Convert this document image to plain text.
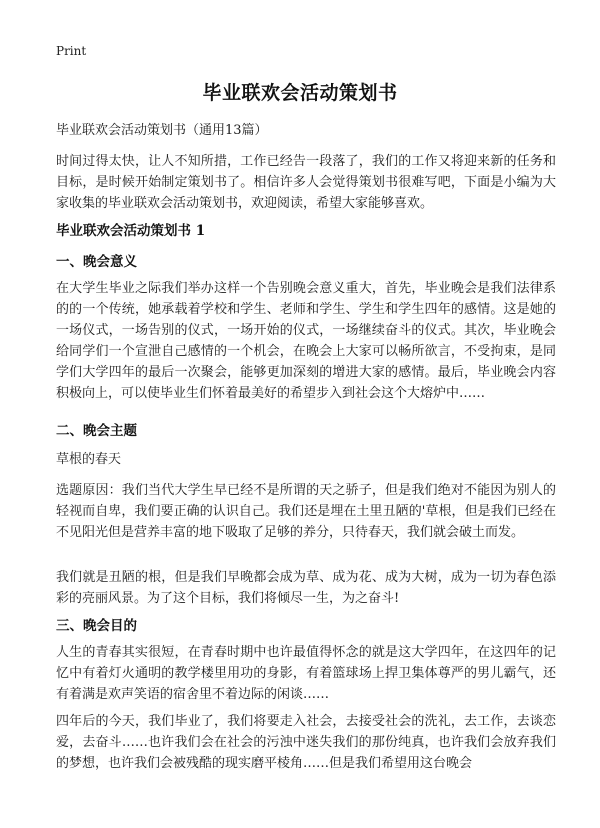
Print
毕业联欢会活动策划书
毕业联欢会活动策划书（通用13篇）
时间过得太快，让人不知所措，工作已经告一段落了，我们的工作又将迎来新的任务和目标，是时候开始制定策划书了。相信许多人会觉得策划书很难写吧，下面是小编为大家收集的毕业联欢会活动策划书，欢迎阅读，希望大家能够喜欢。
毕业联欢会活动策划书 1
一、晚会意义
在大学生毕业之际我们举办这样一个告别晚会意义重大，首先，毕业晚会是我们法律系的的一个传统，她承载着学校和学生、老师和学生、学生和学生四年的感情。这是她的一场仪式，一场告别的仪式，一场开始的仪式，一场继续奋斗的仪式。其次，毕业晚会给同学们一个宣泄自己感情的一个机会，在晚会上大家可以畅所欲言，不受拘束，是同学们大学四年的最后一次聚会，能够更加深刻的增进大家的感情。最后，毕业晚会内容积极向上，可以使毕业生们怀着最美好的希望步入到社会这个大熔炉中……
二、晚会主题
草根的春天
选题原因：我们当代大学生早已经不是所谓的天之骄子，但是我们绝对不能因为别人的轻视而自卑，我们要正确的认识自己。我们还是埋在土里丑陋的'草根，但是我们已经在不见阳光但是营养丰富的地下吸取了足够的养分，只待春天，我们就会破土而发。
我们就是丑陋的根，但是我们早晚都会成为草、成为花、成为大树，成为一切为春色添彩的亮丽风景。为了这个目标，我们将倾尽一生，为之奋斗!
三、晚会目的
人生的青春其实很短，在青春时期中也许最值得怀念的就是这大学四年，在这四年的记忆中有着灯火通明的教学楼里用功的身影，有着篮球场上捍卫集体尊严的男儿霸气，还有着满是欢声笑语的宿舍里不着边际的闲谈……
四年后的今天，我们毕业了，我们将要走入社会，去接受社会的洗礼，去工作，去谈恋爱，去奋斗……也许我们会在社会的污浊中迷失我们的那份纯真，也许我们会放弃我们的梦想，也许我们会被残酷的现实磨平棱角……但是我们希望用这台晚会
